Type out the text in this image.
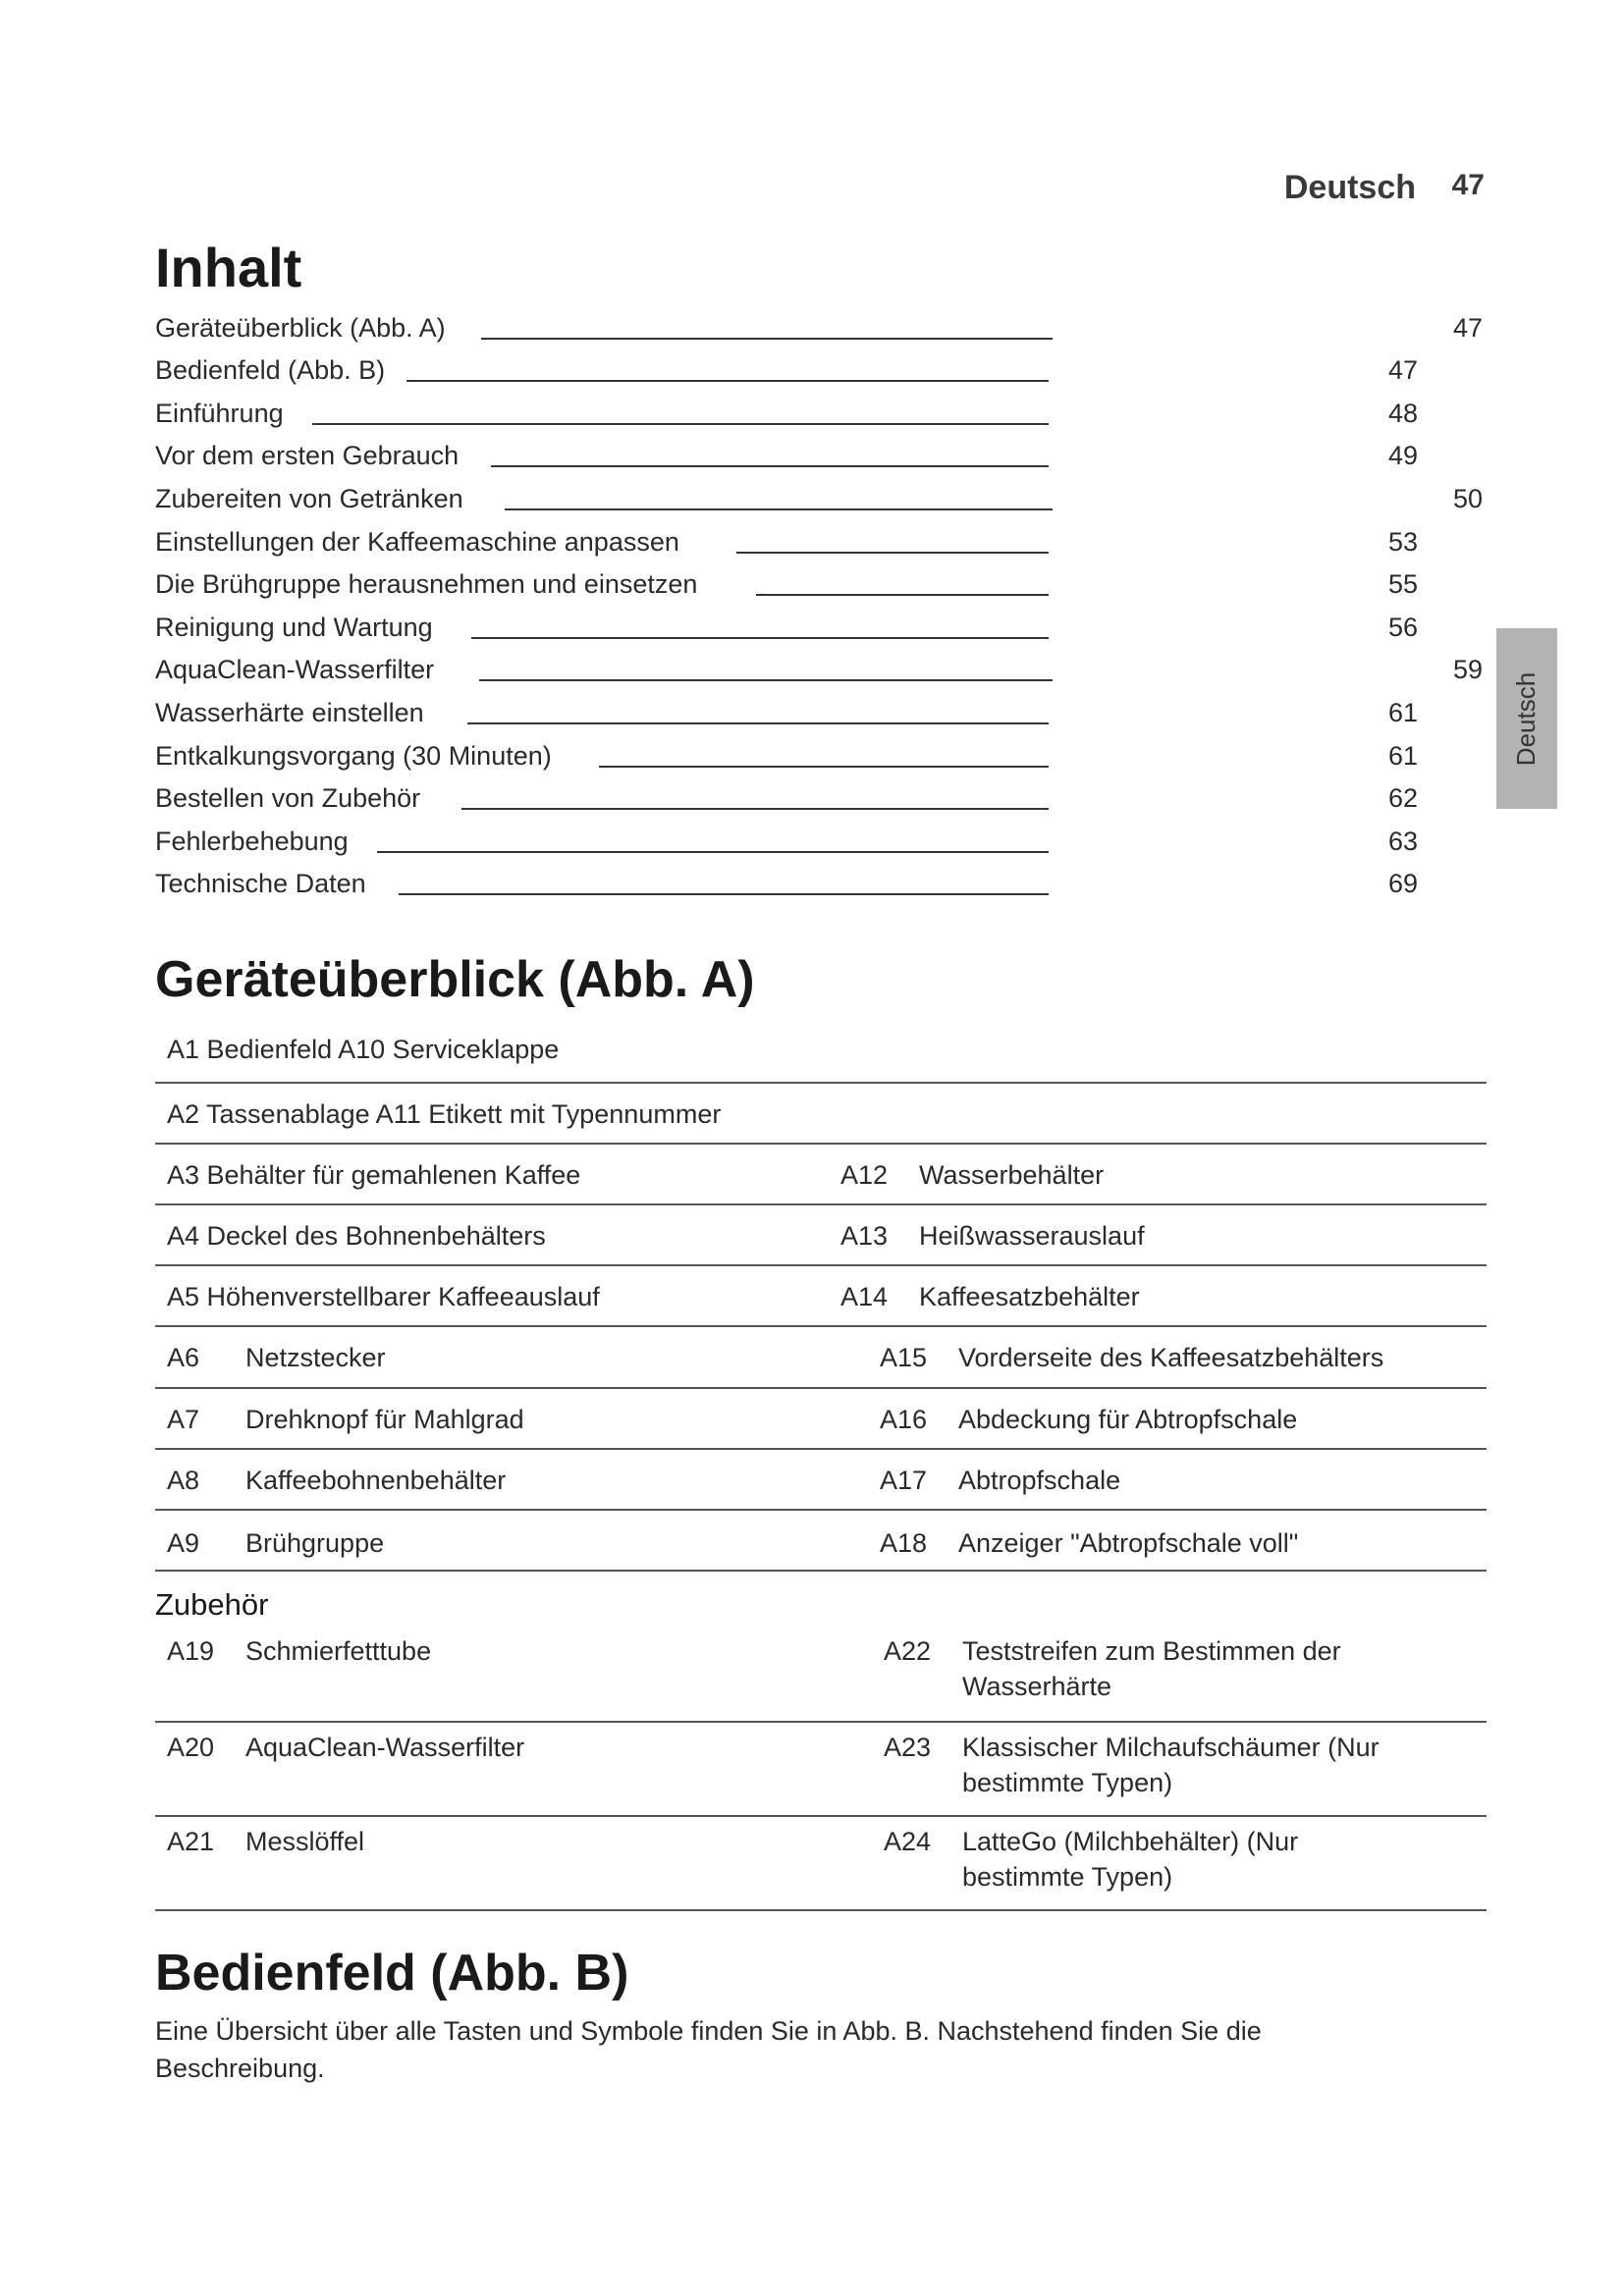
Deutsch 47
Deutsch
Inhalt
Geräteüberblick (Abb. A)	47
Bedienfeld (Abb. B)	47
Einführung	48
Vor dem ersten Gebrauch	49
Zubereiten von Getränken	50
Einstellungen der Kaffeemaschine anpassen	53
Die Brühgruppe herausnehmen und einsetzen	55
Reinigung und Wartung	56
AquaClean-Wasserfilter	59
Wasserhärte einstellen	61
Entkalkungsvorgang (30 Minuten)	61
Bestellen von Zubehör	62
Fehlerbehebung	63
Technische Daten	69
Geräteüberblick (Abb. A)
A1 Bedienfeld A10 Serviceklappe
A2 Tassenablage A11 Etikett mit Typennummer
A3 Behälter für gemahlenen Kaffee	A12 Wasserbehälter
A4 Deckel des Bohnenbehälters	A13 Heißwasserauslauf
A5 Höhenverstellbarer Kaffeeauslauf	A14 Kaffeesatzbehälter
A6 Netzstecker	A15 Vorderseite des Kaffeesatzbehälters
A7 Drehknopf für Mahlgrad	A16 Abdeckung für Abtropfschale
A8 Kaffeebohnenbehälter	A17 Abtropfschale
A9 Brühgruppe	A18 Anzeiger "Abtropfschale voll"
Zubehör
A19 Schmierfetttube	A22 Teststreifen zum Bestimmen der
Wasserhärte
A20 AquaClean-Wasserfilter	A23 Klassischer Milchaufschäumer (Nur
bestimmte Typen)
A21 Messlöffel	A24 LatteGo (Milchbehälter) (Nur
bestimmte Typen)
Bedienfeld (Abb. B)

Eine Übersicht über alle Tasten und Symbole finden Sie in Abb. B. Nachstehend finden Sie die Beschreibung.
